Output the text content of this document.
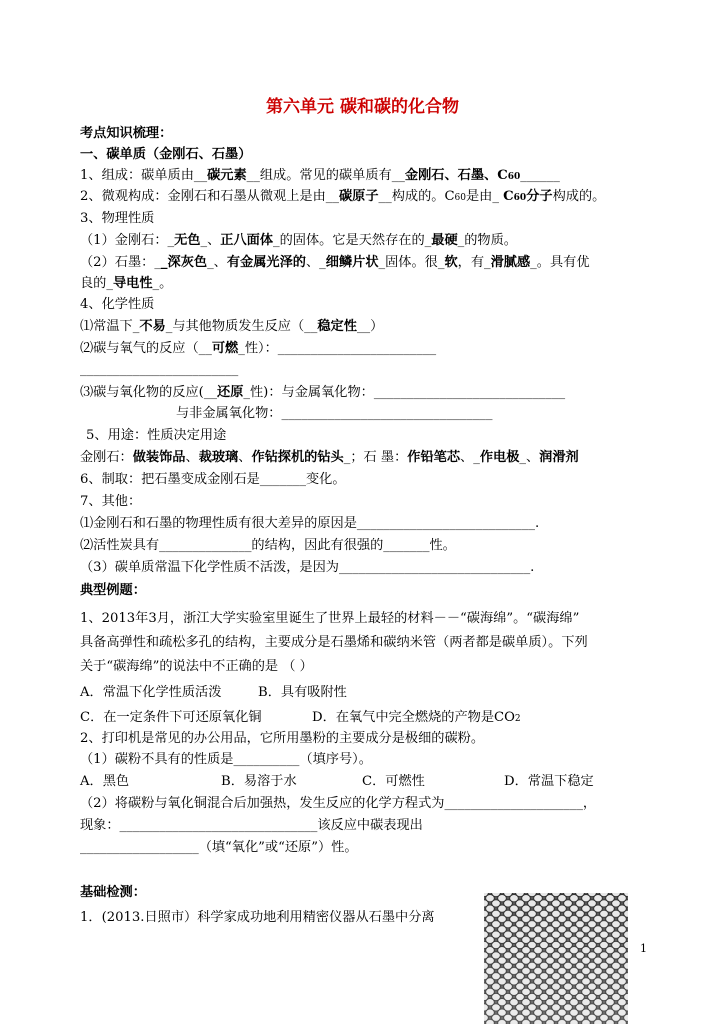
第六单元 碳和碳的化合物
考点知识梳理：
一、碳单质（金刚石、石墨）
1、组成：碳单质由__碳元素__组成。常见的碳单质有__金刚石、石墨、C60______
2、微观构成：金刚石和石墨从微观上是由__碳原子__构成的。C60是由_ C60分子构成的。
3、物理性质
（1）金刚石：_无色_、正八面体_的固体。它是天然存在的_最硬_的物质。
（2）石墨：__深灰色_、有金属光泽的、_细鳞片状_固体。很_软，有_滑腻感_。具有优
良的_导电性_。
4、化学性质
⑴常温下_不易_与其他物质发生反应（__稳定性__）
⑵碳与氧气的反应（__可燃_性）：________________________
________________________
⑶碳与氧化物的反应(__还原_性)：与金属氧化物：_____________________________
与非金属氧化物：________________________________
5、用途：性质决定用途
金刚石：做装饰品、裁玻璃、作钻探机的钻头_；石 墨：作铅笔芯、_作电极_、润滑剂
6、制取：把石墨变成金刚石是_______变化。
7、其他：
⑴金刚石和石墨的物理性质有很大差异的原因是___________________________.
⑵活性炭具有______________的结构，因此有很强的_______性。
（3）碳单质常温下化学性质不活泼，是因为_____________________________.
典型例题：
1、2013年3月，浙江大学实验室里诞生了世界上最轻的材料－－“碳海绵”。“碳海绵”
具备高弹性和疏松多孔的结构，主要成分是石墨烯和碳纳米管（两者都是碳单质）。下列
关于“碳海绵”的说法中不正确的是 （ ）
A．常温下化学性质活泼	B．具有吸附性
C．在一定条件下可还原氧化铜	D．在氧气中完全燃烧的产物是CO2
2、打印机是常见的办公用品，它所用墨粉的主要成分是极细的碳粉。
（1）碳粉不具有的性质是__________（填序号）。
A．黑色	B．易溶于水	C．可燃性	D．常温下稳定
（2）将碳粉与氧化铜混合后加强热，发生反应的化学方程式为_____________________，
现象：______________________________该反应中碳表现出
__________________（填“氧化”或“还原”）性。
基础检测：
1．(2013.日照市）科学家成功地利用精密仪器从石墨中分离
1
